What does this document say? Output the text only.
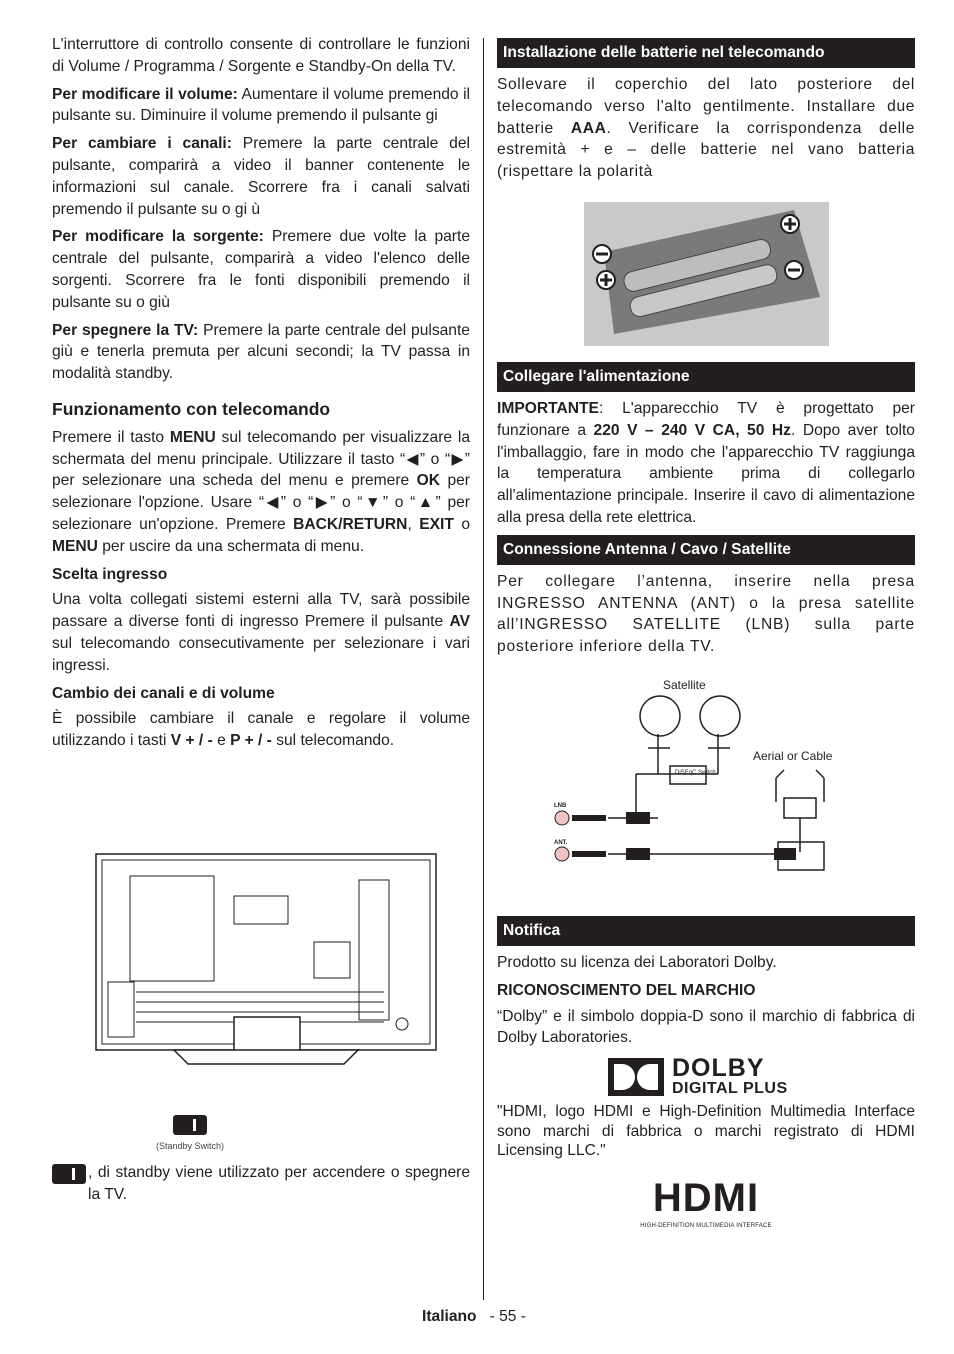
L'interruttore di controllo consente di controllare le funzioni di Volume / Programma / Sorgente e Standby-On della TV.

Per modificare il volume: Aumentare il volume premendo il pulsante su. Diminuire il volume premendo il pulsante gi

Per cambiare i canali: Premere la parte centrale del pulsante, comparirà a video il banner contenente le informazioni sul canale. Scorrere fra i canali salvati premendo il pulsante su o gi ù

Per modificare la sorgente: Premere due volte la parte centrale del pulsante, comparirà a video l'elenco delle sorgenti. Scorrere fra le fonti disponibili premendo il pulsante su o giù

Per spegnere la TV: Premere la parte centrale del pulsante giù e tenerla premuta per alcuni secondi; la TV passa in modalità standby.

Funzionamento con telecomando

Premere il tasto MENU sul telecomando per visualizzare la schermata del menu principale. Utilizzare il tasto “◀” o “▶” per selezionare una scheda del menu e premere OK per selezionare l'opzione. Usare “◀” o “▶” o “▼” o “▲” per selezionare un'opzione. Premere BACK/RETURN, EXIT o MENU per uscire da una schermata di menu.

Scelta ingresso

Una volta collegati sistemi esterni alla TV, sarà possibile passare a diverse fonti di ingresso Premere il pulsante AV sul telecomando consecutivamente per selezionare i vari ingressi.

Cambio dei canali e di volume

È possibile cambiare il canale e regolare il volume utilizzando i tasti V + / - e P + / - sul telecomando.

(Standby Switch)

, di standby viene utilizzato per accendere o spegnere la TV.

Installazione delle batterie nel telecomando

Sollevare il coperchio del lato posteriore del telecomando verso l'alto gentilmente. Installare due batterie AAA. Verificare la corrispondenza delle estremità + e – delle batterie nel vano batteria (rispettare la polarità

Collegare l'alimentazione

IMPORTANTE: L'apparecchio TV è progettato per funzionare a 220 V – 240 V CA, 50 Hz. Dopo aver tolto l'imballaggio, fare in modo che l'apparecchio TV raggiunga la temperatura ambiente prima di collegarlo all'alimentazione principale. Inserire il cavo di alimentazione alla presa della rete elettrica.

Connessione Antenna / Cavo / Satellite

Per collegare l’antenna, inserire nella presa INGRESSO ANTENNA (ANT) o la presa satellite all’INGRESSO SATELLITE (LNB) sulla parte posteriore inferiore della TV.

Satellite
Aerial or Cable
DiSEqC Switch
LNB
ANT.
Notifica

Prodotto su licenza dei Laboratori Dolby.

RICONOSCIMENTO DEL MARCHIO

“Dolby” e il simbolo doppia-D sono il marchio di fabbrica di Dolby Laboratories.

DOLBY
DIGITAL PLUS

"HDMI, logo HDMI e High-Definition Multimedia Interface sono marchi di fabbrica o marchi registrato di HDMI Licensing LLC."

HDMI
HIGH-DEFINITION MULTIMEDIA INTERFACE
Italiano - 55 -
